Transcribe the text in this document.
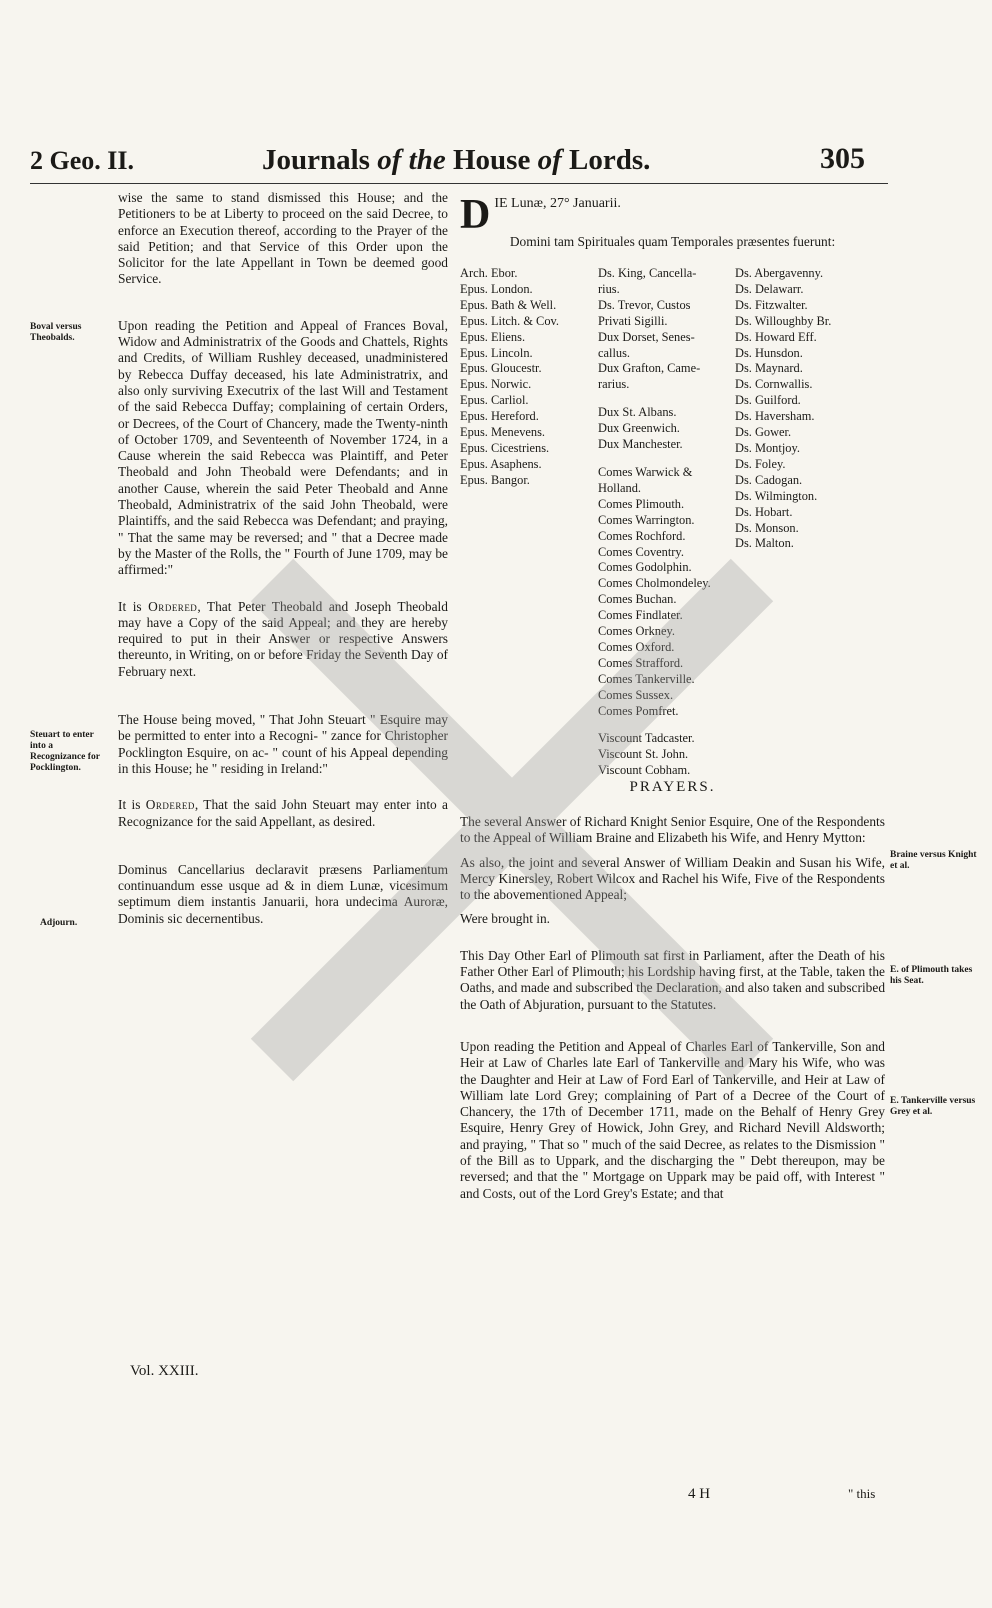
2 Geo. II.	Journals of the House of Lords.	305

wise the same to stand dismissed this House; and the Petitioners to be at Liberty to proceed on the said Decree, to enforce an Execution thereof, according to the Prayer of the said Petition; and that Service of this Order upon the Solicitor for the late Appellant in Town be deemed good Service.

Upon reading the Petition and Appeal of Frances Boval, Widow and Administratrix of the Goods and Chattels, Rights and Credits, of William Rushley deceased, unadministered by Rebecca Duffay deceased, his late Administratrix, and also only surviving Executrix of the last Will and Testament of the said Rebecca Duffay; complaining of certain Orders, or Decrees, of the Court of Chancery, made the Twenty-ninth of October 1709, and Seventeenth of November 1724, in a Cause wherein the said Rebecca was Plaintiff, and Peter Theobald and John Theobald were Defendants; and in another Cause, wherein the said Peter Theobald and Anne Theobald, Administratrix of the said John Theobald, were Plaintiffs, and the said Rebecca was Defendant; and praying, " That the same may be reversed; and " that a Decree made by the Master of the Rolls, the " Fourth of June 1709, may be affirmed:"

It is Ordered, That Peter Theobald and Joseph Theobald may have a Copy of the said Appeal; and they are hereby required to put in their Answer or respective Answers thereunto, in Writing, on or before Friday the Seventh Day of February next.

The House being moved, " That John Steuart " Esquire may be permitted to enter into a Recogni- " zance for Christopher Pocklington Esquire, on ac- " count of his Appeal depending in this House; he " residing in Ireland:"

It is Ordered, That the said John Steuart may enter into a Recognizance for the said Appellant, as desired.

Dominus Cancellarius declaravit præsens Parliamentum continuandum esse usque ad & in diem Lunæ, vicesimum septimum diem instantis Januarii, hora undecima Auroræ, Dominis sic decernentibus.

Boval versus Theobalds.
Steuart to enter into a Recognizance for Pocklington.
Adjourn.
Vol. XXIII.
DIE Lunæ, 27° Januarii.
Domini tam Spirituales quam Temporales præsentes fuerunt:
Arch. Ebor.
Epus. London.
Epus. Bath & Well.
Epus. Litch. & Cov.
Epus. Eliens.
Epus. Lincoln.
Epus. Gloucestr.
Epus. Norwic.
Epus. Carliol.
Epus. Hereford.
Epus. Menevens.
Epus. Cicestriens.
Epus. Asaphens.
Epus. Bangor.
Ds. King, Cancella-
rius.
Ds. Trevor, Custos
Privati Sigilli.
Dux Dorset, Senes-
callus.
Dux Grafton, Came-
rarius.

Dux St. Albans.
Dux Greenwich.
Dux Manchester.

Comes Warwick &
Holland.
Comes Plimouth.
Comes Warrington.
Comes Rochford.
Comes Coventry.
Comes Godolphin.
Comes Cholmondeley.
Comes Buchan.
Comes Findlater.
Comes Orkney.
Comes Oxford.
Comes Strafford.
Comes Tankerville.
Comes Sussex.
Comes Pomfret.

Viscount Tadcaster.
Viscount St. John.
Viscount Cobham.
Ds. Abergavenny.
Ds. Delawarr.
Ds. Fitzwalter.
Ds. Willoughby Br.
Ds. Howard Eff.
Ds. Hunsdon.
Ds. Maynard.
Ds. Cornwallis.
Ds. Guilford.
Ds. Haversham.
Ds. Gower.
Ds. Montjoy.
Ds. Foley.
Ds. Cadogan.
Ds. Wilmington.
Ds. Hobart.
Ds. Monson.
Ds. Malton.
PRAYERS.

The several Answer of Richard Knight Senior Esquire, One of the Respondents to the Appeal of William Braine and Elizabeth his Wife, and Henry Mytton:

As also, the joint and several Answer of William Deakin and Susan his Wife, Mercy Kinersley, Robert Wilcox and Rachel his Wife, Five of the Respondents to the abovementioned Appeal;

Were brought in.

This Day Other Earl of Plimouth sat first in Parliament, after the Death of his Father Other Earl of Plimouth; his Lordship having first, at the Table, taken the Oaths, and made and subscribed the Declaration, and also taken and subscribed the Oath of Abjuration, pursuant to the Statutes.

Upon reading the Petition and Appeal of Charles Earl of Tankerville, Son and Heir at Law of Charles late Earl of Tankerville and Mary his Wife, who was the Daughter and Heir at Law of Ford Earl of Tankerville, and Heir at Law of William late Lord Grey; complaining of Part of a Decree of the Court of Chancery, the 17th of December 1711, made on the Behalf of Henry Grey Esquire, Henry Grey of Howick, John Grey, and Richard Nevill Aldsworth; and praying, " That so " much of the said Decree, as relates to the Dismission " of the Bill as to Uppark, and the discharging the " Debt thereupon, may be reversed; and that the " Mortgage on Uppark may be paid off, with Interest " and Costs, out of the Lord Grey's Estate; and that

Braine versus Knight et al.
E. of Plimouth takes his Seat.
E. Tankerville versus Grey et al.
4 H	" this
